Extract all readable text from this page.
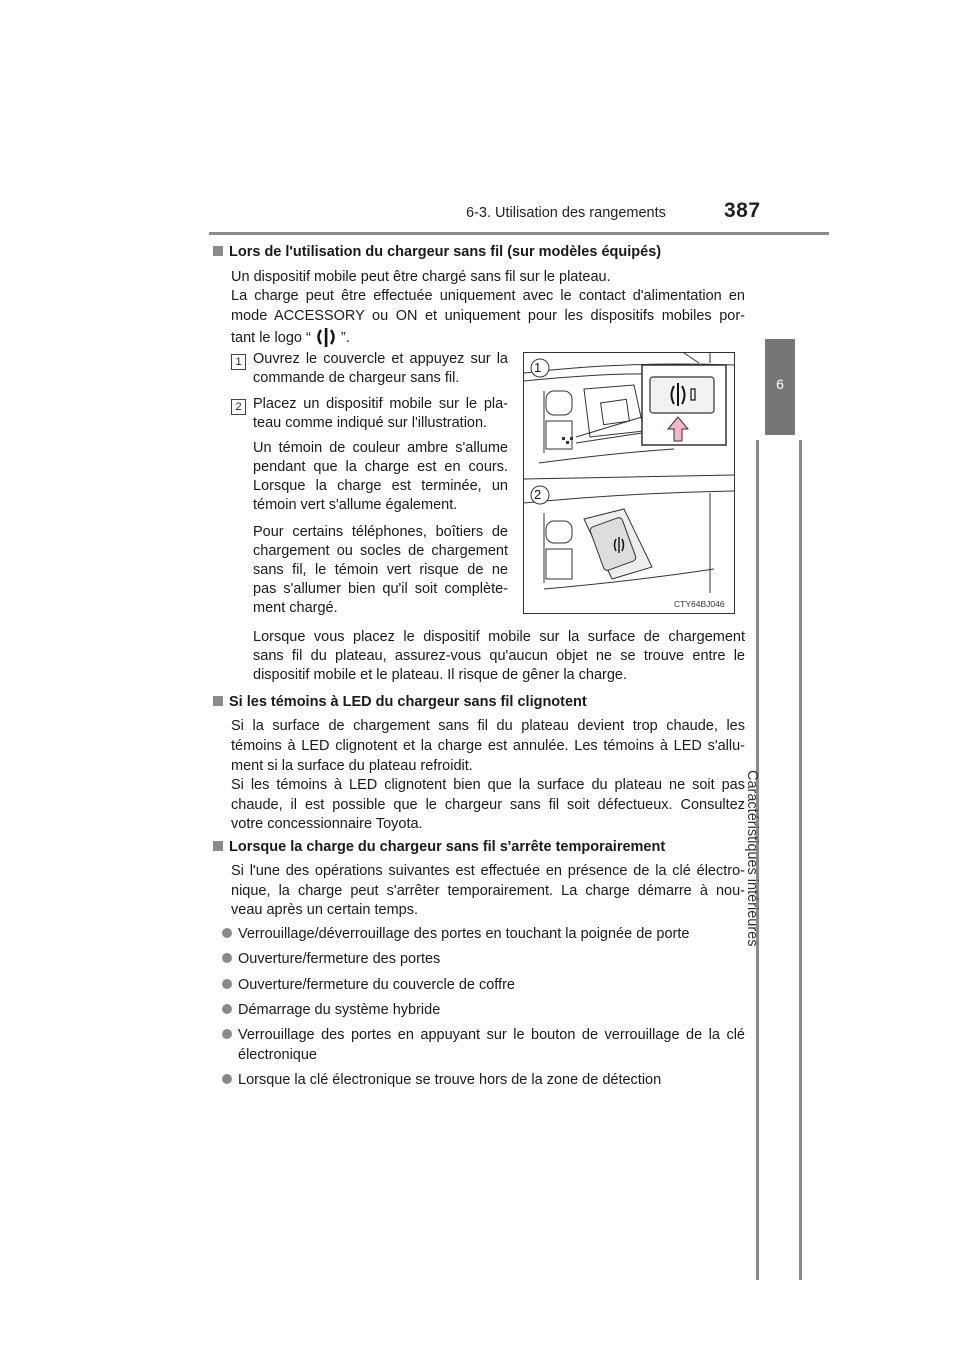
6-3. Utilisation des rangements	387
6
Caractéristiques intérieures
Lors de l'utilisation du chargeur sans fil (sur modèles équipés)
Un dispositif mobile peut être chargé sans fil sur le plateau.
La charge peut être effectuée uniquement avec le contact d'alimentation en
mode ACCESSORY ou ON et uniquement pour les dispositifs mobiles por-
tant le logo “ ”.
1 Ouvrez le couvercle et appuyez sur la
commande de chargeur sans fil.
2 Placez un dispositif mobile sur le pla-
teau comme indiqué sur l'illustration.
Un témoin de couleur ambre s'allume
pendant que la charge est en cours.
Lorsque la charge est terminée, un
témoin vert s'allume également.
Pour certains téléphones, boîtiers de
chargement ou socles de chargement
sans fil, le témoin vert risque de ne
pas s'allumer bien qu'il soit complète-
ment chargé.
Lorsque vous placez le dispositif mobile sur la surface de chargement
sans fil du plateau, assurez-vous qu'aucun objet ne se trouve entre le
dispositif mobile et le plateau. Il risque de gêner la charge.
1
2
CTY64BJ046
Si les témoins à LED du chargeur sans fil clignotent
Si la surface de chargement sans fil du plateau devient trop chaude, les
témoins à LED clignotent et la charge est annulée. Les témoins à LED s'allu-
ment si la surface du plateau refroidit.
Si les témoins à LED clignotent bien que la surface du plateau ne soit pas
chaude, il est possible que le chargeur sans fil soit défectueux. Consultez
votre concessionnaire Toyota.
Lorsque la charge du chargeur sans fil s'arrête temporairement
Si l'une des opérations suivantes est effectuée en présence de la clé électro-
nique, la charge peut s'arrêter temporairement. La charge démarre à nou-
veau après un certain temps.
Verrouillage/déverrouillage des portes en touchant la poignée de porte
Ouverture/fermeture des portes
Ouverture/fermeture du couvercle de coffre
Démarrage du système hybride
Verrouillage des portes en appuyant sur le bouton de verrouillage de la clé
électronique
Lorsque la clé électronique se trouve hors de la zone de détection
